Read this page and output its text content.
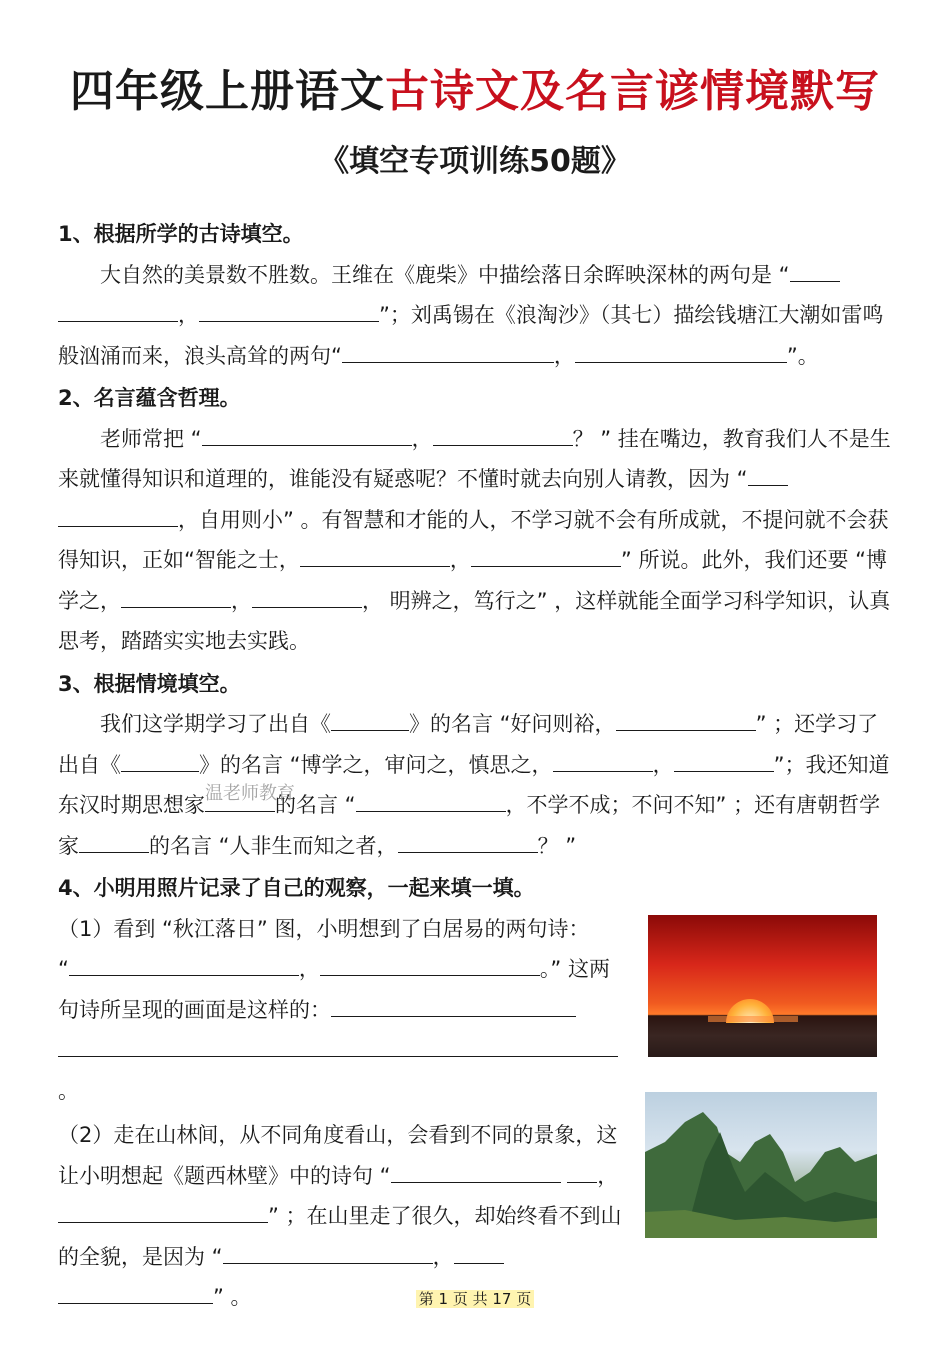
四年级上册语文古诗文及名言谚情境默写
《填空专项训练50题》
1、根据所学的古诗填空。

大自然的美景数不胜数。王维在《鹿柴》中描绘落日余晖映深林的两句是 “ ，	”；刘禹锡在《浪淘沙》（其七）描绘钱塘江大潮如雷鸣般汹涌而来，浪头高耸的两句“	，	”。

2、名言蕴含哲理。

老师常把 “	，	？ ” 挂在嘴边，教育我们人不是生来就懂得知识和道理的，谁能没有疑惑呢？不懂时就去向别人请教，因为 “ ，自用则小” 。有智慧和才能的人，不学习就不会有所成就，不提问就不会获得知识，正如“智能之士，	，	” 所说。此外，我们还要 “博学之，	，	， 明辨之，笃行之” ，这样就能全面学习科学知识，认真思考，踏踏实实地去实践。

3、根据情境填空。

我们这学期学习了出自《	》的名言 “好问则裕，	” ；还学习了出自《	》的名言 “博学之，审问之，慎思之，	，	”；我还知道东汉时期思想家	的名言 “	，不学不成；不问不知” ；还有唐朝哲学家	的名言 “人非生而知之者，	？ ”

4、小明用照片记录了自己的观察，一起来填一填。
（1）看到 “秋江落日” 图，小明想到了白居易的两句诗：
“	，	。” 这两句诗所呈现的画面是这样的：
。
（2）走在山林间，从不同角度看山，会看到不同的景象，这让小明想起《题西林壁》中的诗句 “	，” ；在山里走了很久，却始终看不到山的全貌，是因为 “	， ” 。
温老师教育
第 1 页 共 17 页
